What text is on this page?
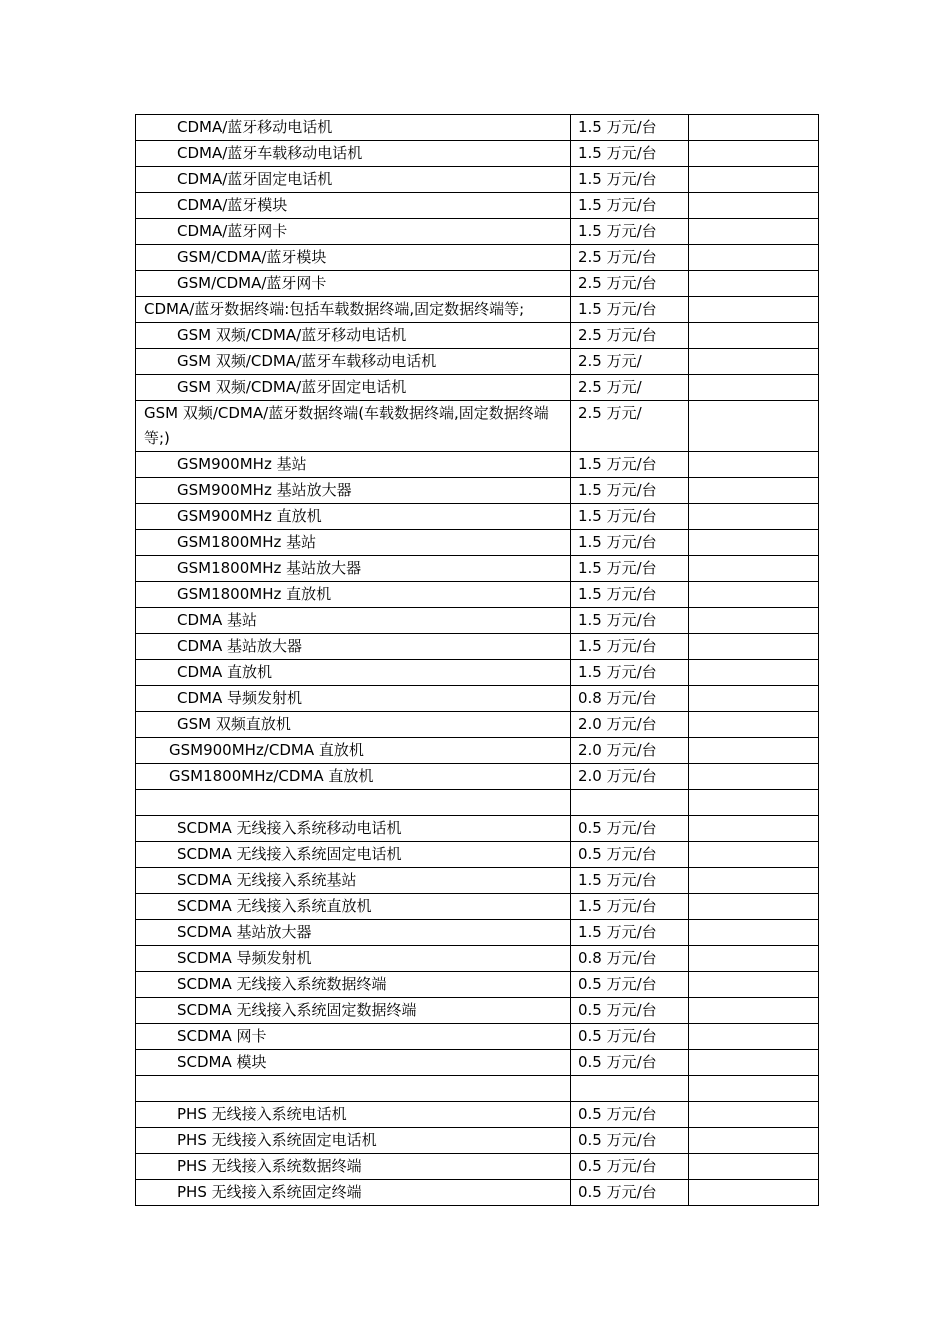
CDMA/蓝牙移动电话机	1.5 万元/台	
CDMA/蓝牙车载移动电话机	1.5 万元/台	
CDMA/蓝牙固定电话机	1.5 万元/台	
CDMA/蓝牙模块	1.5 万元/台	
CDMA/蓝牙网卡	1.5 万元/台	
GSM/CDMA/蓝牙模块	2.5 万元/台	
GSM/CDMA/蓝牙网卡	2.5 万元/台	
CDMA/蓝牙数据终端:包括车载数据终端,固定数据终端等;	1.5 万元/台	
GSM 双频/CDMA/蓝牙移动电话机	2.5 万元/台	
GSM 双频/CDMA/蓝牙车载移动电话机	2.5 万元/	
GSM 双频/CDMA/蓝牙固定电话机	2.5 万元/	
GSM 双频/CDMA/蓝牙数据终端(车载数据终端,固定数据终端等;)	2.5 万元/	
GSM900MHz 基站	1.5 万元/台	
GSM900MHz 基站放大器	1.5 万元/台	
GSM900MHz 直放机	1.5 万元/台	
GSM1800MHz 基站	1.5 万元/台	
GSM1800MHz 基站放大器	1.5 万元/台	
GSM1800MHz 直放机	1.5 万元/台	
CDMA 基站	1.5 万元/台	
CDMA 基站放大器	1.5 万元/台	
CDMA 直放机	1.5 万元/台	
CDMA 导频发射机	0.8 万元/台	
GSM 双频直放机	2.0 万元/台	
GSM900MHz/CDMA 直放机	2.0 万元/台	
GSM1800MHz/CDMA 直放机	2.0 万元/台	

SCDMA 无线接入系统移动电话机	0.5 万元/台	
SCDMA 无线接入系统固定电话机	0.5 万元/台	
SCDMA 无线接入系统基站	1.5 万元/台	
SCDMA 无线接入系统直放机	1.5 万元/台	
SCDMA 基站放大器	1.5 万元/台	
SCDMA 导频发射机	0.8 万元/台	
SCDMA 无线接入系统数据终端	0.5 万元/台	
SCDMA 无线接入系统固定数据终端	0.5 万元/台	
SCDMA 网卡	0.5 万元/台	
SCDMA 模块	0.5 万元/台	

PHS 无线接入系统电话机	0.5 万元/台	
PHS 无线接入系统固定电话机	0.5 万元/台	
PHS 无线接入系统数据终端	0.5 万元/台	
PHS 无线接入系统固定终端	0.5 万元/台	
